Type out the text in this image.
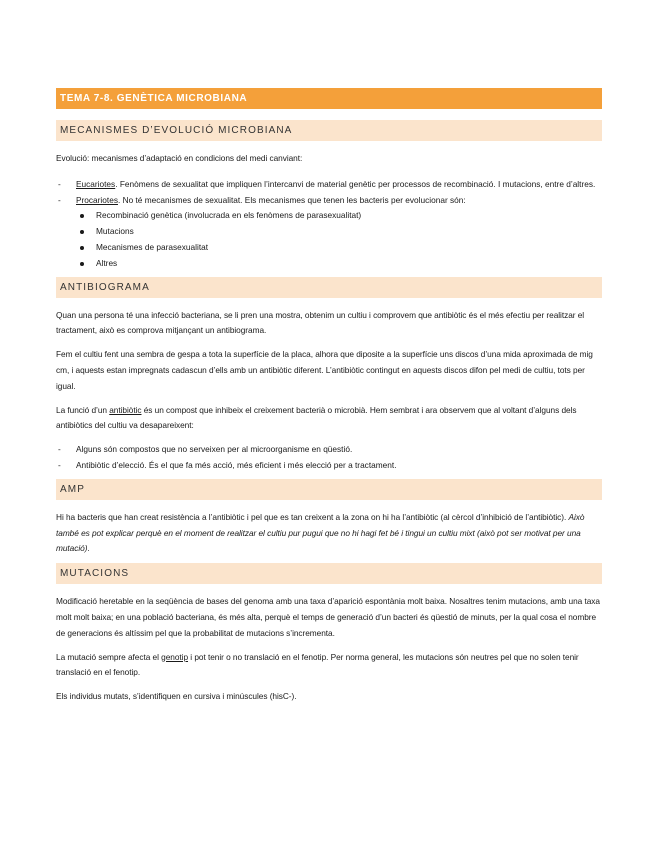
TEMA 7-8. GENÈTICA MICROBIANA
MECANISMES D’EVOLUCIÓ MICROBIANA

Evolució: mecanismes d’adaptació en condicions del medi canviant:

- Eucariotes. Fenòmens de sexualitat que impliquen l’intercanvi de material genètic per processos de recombinació. I mutacions, entre d’altres.
- Procariotes. No té mecanismes de sexualitat. Els mecanismes que tenen les bacteris per evolucionar són:
Recombinació genètica (involucrada en els fenòmens de parasexualitat)
Mutacions
Mecanismes de parasexualitat
Altres
ANTIBIOGRAMA

Quan una persona té una infecció bacteriana, se li pren una mostra, obtenim un cultiu i comprovem que antibiòtic és el més efectiu per realitzar el tractament, això es comprova mitjançant un antibiograma.

Fem el cultiu fent una sembra de gespa a tota la superfície de la placa, alhora que diposite a la superfície uns discos d’una mida aproximada de mig cm, i aquests estan impregnats cadascun d’ells amb un antibiòtic diferent. L’antibiòtic contingut en aquests discos difon pel medi de cultiu, tots per igual.

La funció d’un antibiòtic és un compost que inhibeix el creixement bacterià o microbià. Hem sembrat i ara observem que al voltant d’alguns dels antibiòtics del cultiu va desapareixent:

- Alguns són compostos que no serveixen per al microorganisme en qüestió.
- Antibiòtic d’elecció. És el que fa més acció, més eficient i més elecció per a tractament.
AMP

Hi ha bacteris que han creat resistència a l’antibiòtic i pel que es tan creixent a la zona on hi ha l’antibiòtic (al cèrcol d’inhibició de l’antibiòtic). Això també es pot explicar perquè en el moment de realitzar el cultiu pur pugui que no hi hagi fet bé i tingui un cultiu mixt (això pot ser motivat per una mutació).

MUTACIONS

Modificació heretable en la seqüència de bases del genoma amb una taxa d’aparició espontània molt baixa. Nosaltres tenim mutacions, amb una taxa molt molt baixa; en una població bacteriana, és més alta, perquè el temps de generació d’un bacteri és qüestió de minuts, per la qual cosa el nombre de generacions és altíssim pel que la probabilitat de mutacions s’incrementa.

La mutació sempre afecta el genotip i pot tenir o no translació en el fenotip. Per norma general, les mutacions són neutres pel que no solen tenir translació en el fenotip.

Els individus mutats, s’identifiquen en cursiva i minúscules (hisC-).
